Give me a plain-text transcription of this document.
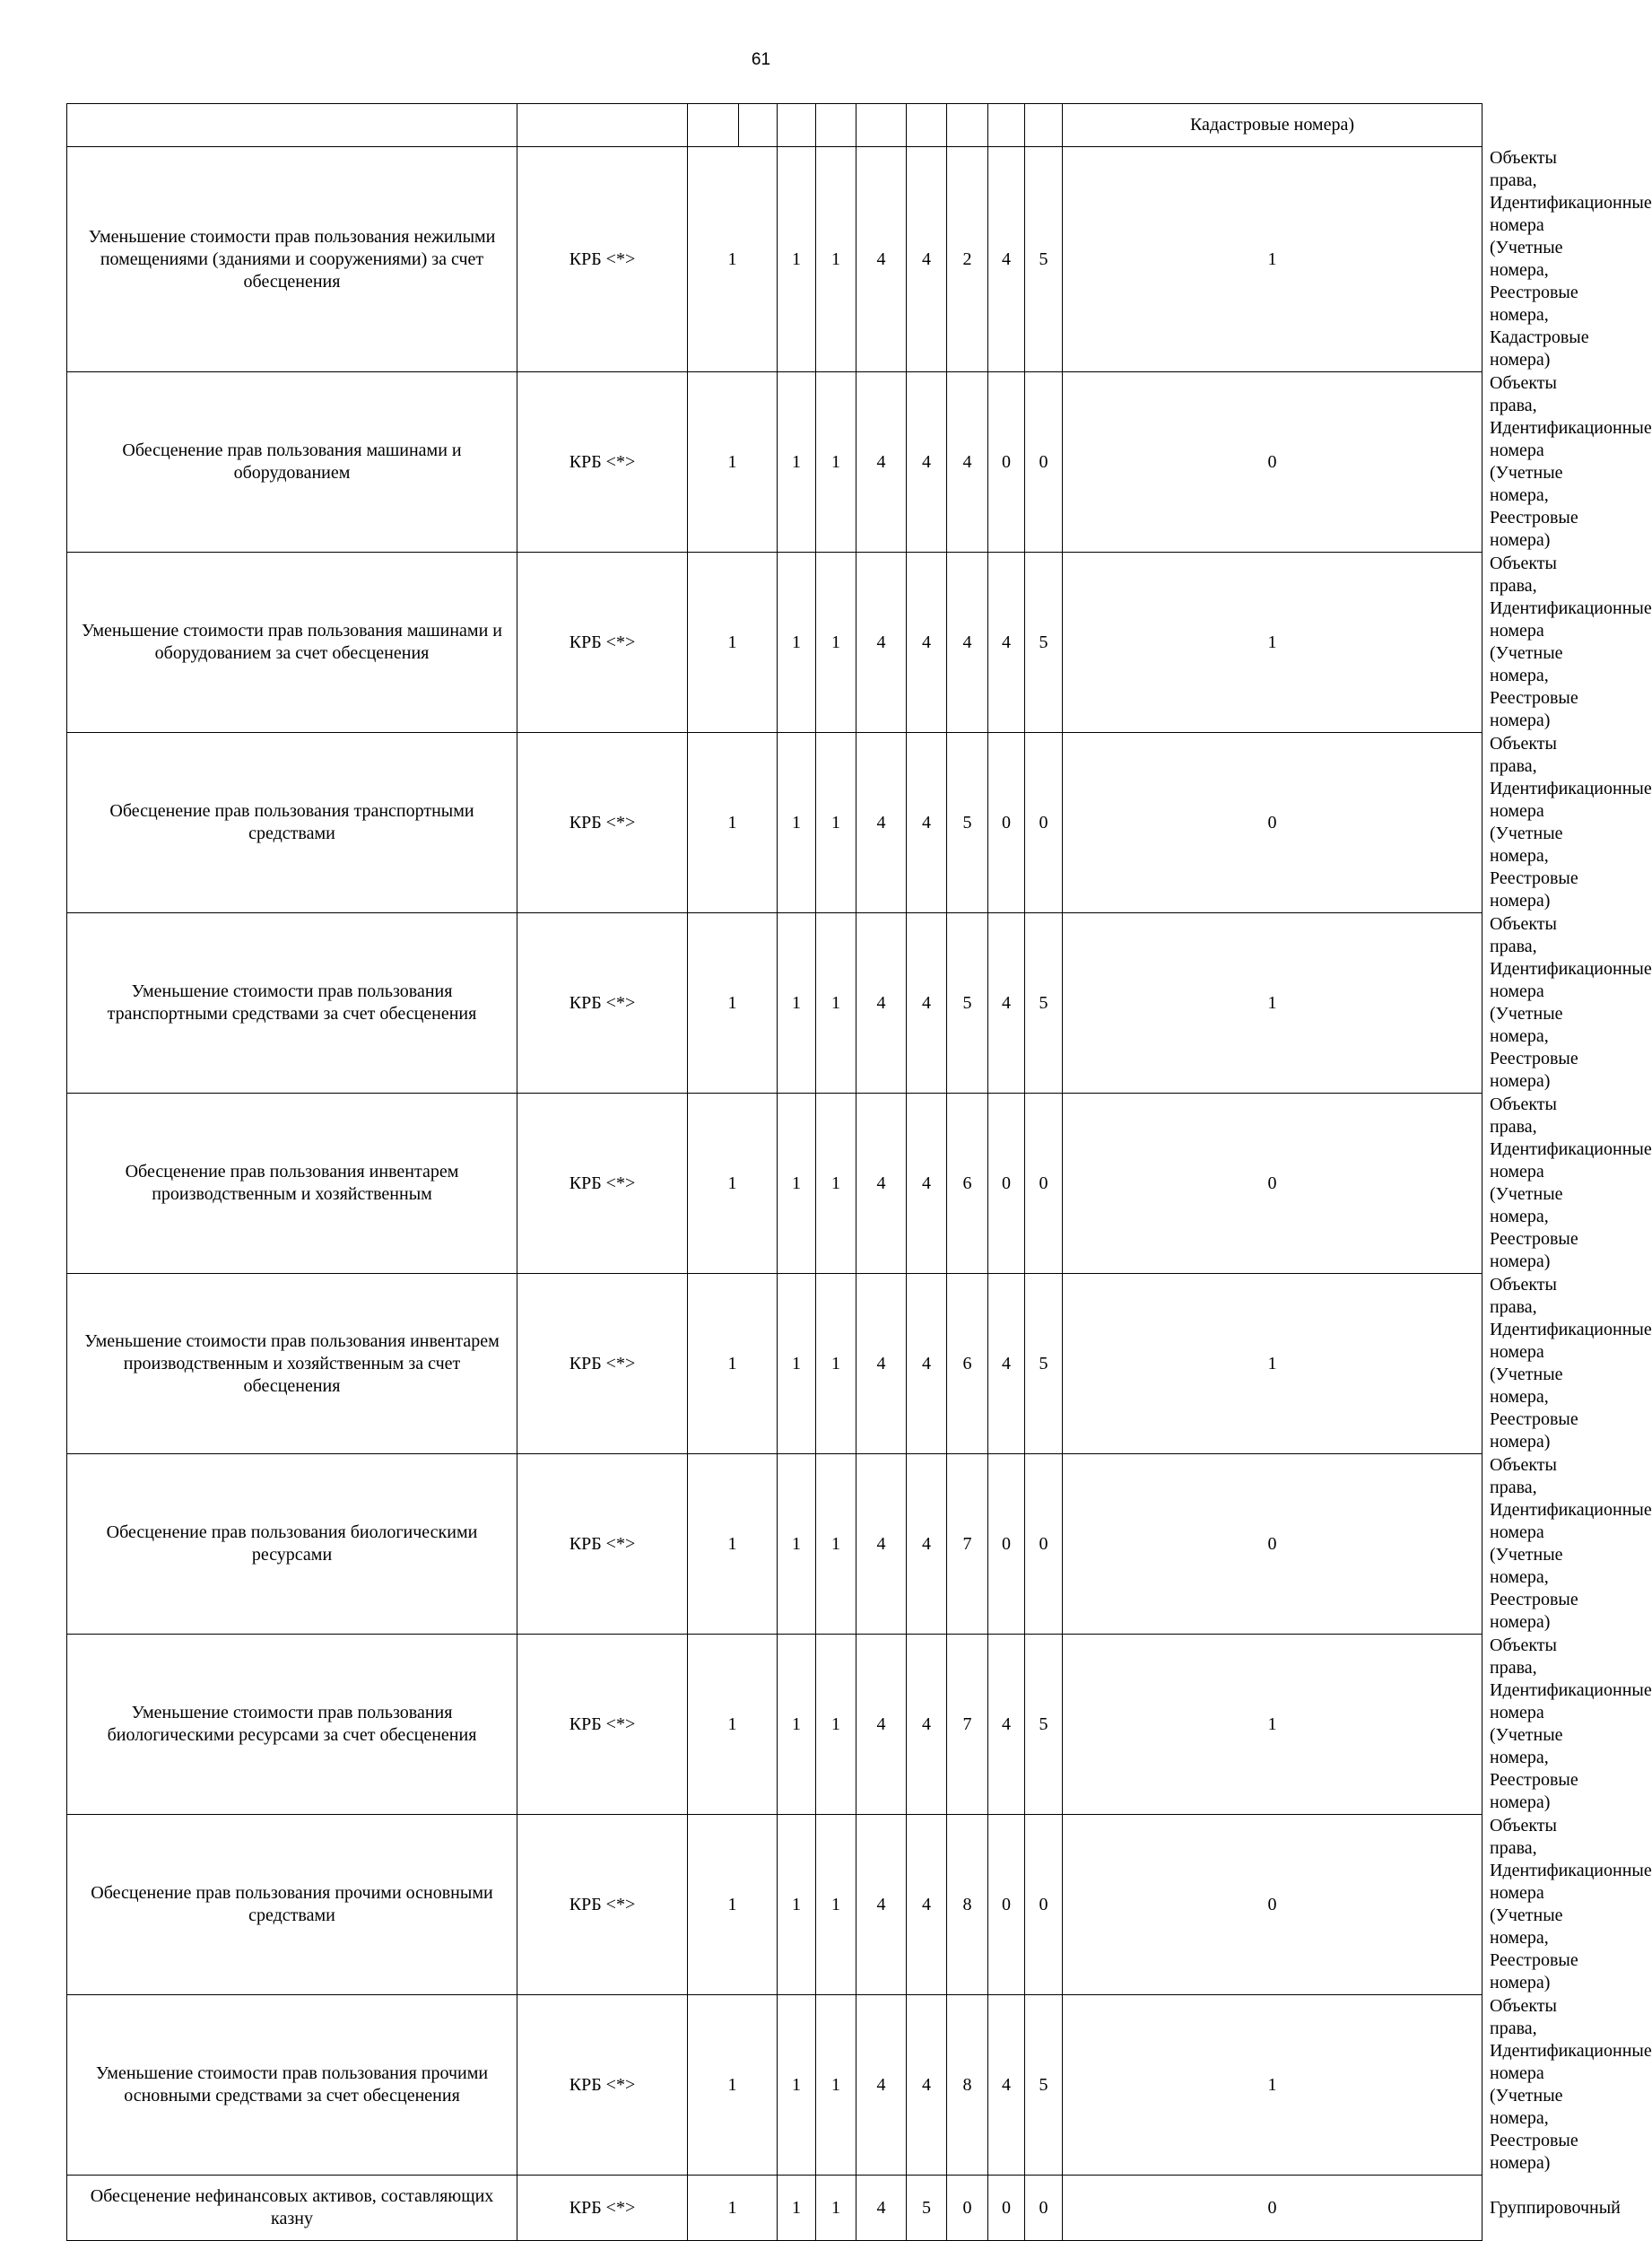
61
											Кадастровые номера)	
Уменьшение стоимости прав пользования нежилыми помещениями (зданиями и сооружениями) за счет обесценения	КРБ <*>	1		1	1	4	4	2	4	5	1	Объекты права, Идентификационные номера (Учетные номера, Реестровые номера, Кадастровые номера)
Обесценение прав пользования машинами и оборудованием	КРБ <*>	1		1	1	4	4	4	0	0	0	Объекты права, Идентификационные номера (Учетные номера, Реестровые номера)
Уменьшение стоимости прав пользования машинами и оборудованием за счет обесценения	КРБ <*>	1		1	1	4	4	4	4	5	1	Объекты права, Идентификационные номера (Учетные номера, Реестровые номера)
Обесценение прав пользования транспортными средствами	КРБ <*>	1		1	1	4	4	5	0	0	0	Объекты права, Идентификационные номера (Учетные номера, Реестровые номера)
Уменьшение стоимости прав пользования транспортными средствами за счет обесценения	КРБ <*>	1		1	1	4	4	5	4	5	1	Объекты права, Идентификационные номера (Учетные номера, Реестровые номера)
Обесценение прав пользования инвентарем производственным и хозяйственным	КРБ <*>	1		1	1	4	4	6	0	0	0	Объекты права, Идентификационные номера (Учетные номера, Реестровые номера)
Уменьшение стоимости прав пользования инвентарем производственным и хозяйственным за счет обесценения	КРБ <*>	1		1	1	4	4	6	4	5	1	Объекты права, Идентификационные номера (Учетные номера, Реестровые номера)
Обесценение прав пользования биологическими ресурсами	КРБ <*>	1		1	1	4	4	7	0	0	0	Объекты права, Идентификационные номера (Учетные номера, Реестровые номера)
Уменьшение стоимости прав пользования биологическими ресурсами за счет обесценения	КРБ <*>	1		1	1	4	4	7	4	5	1	Объекты права, Идентификационные номера (Учетные номера, Реестровые номера)
Обесценение прав пользования прочими основными средствами	КРБ <*>	1		1	1	4	4	8	0	0	0	Объекты права, Идентификационные номера (Учетные номера, Реестровые номера)
Уменьшение стоимости прав пользования прочими основными средствами за счет обесценения	КРБ <*>	1		1	1	4	4	8	4	5	1	Объекты права, Идентификационные номера (Учетные номера, Реестровые номера)
Обесценение нефинансовых активов, составляющих казну	КРБ <*>	1		1	1	4	5	0	0	0	0	Группировочный
